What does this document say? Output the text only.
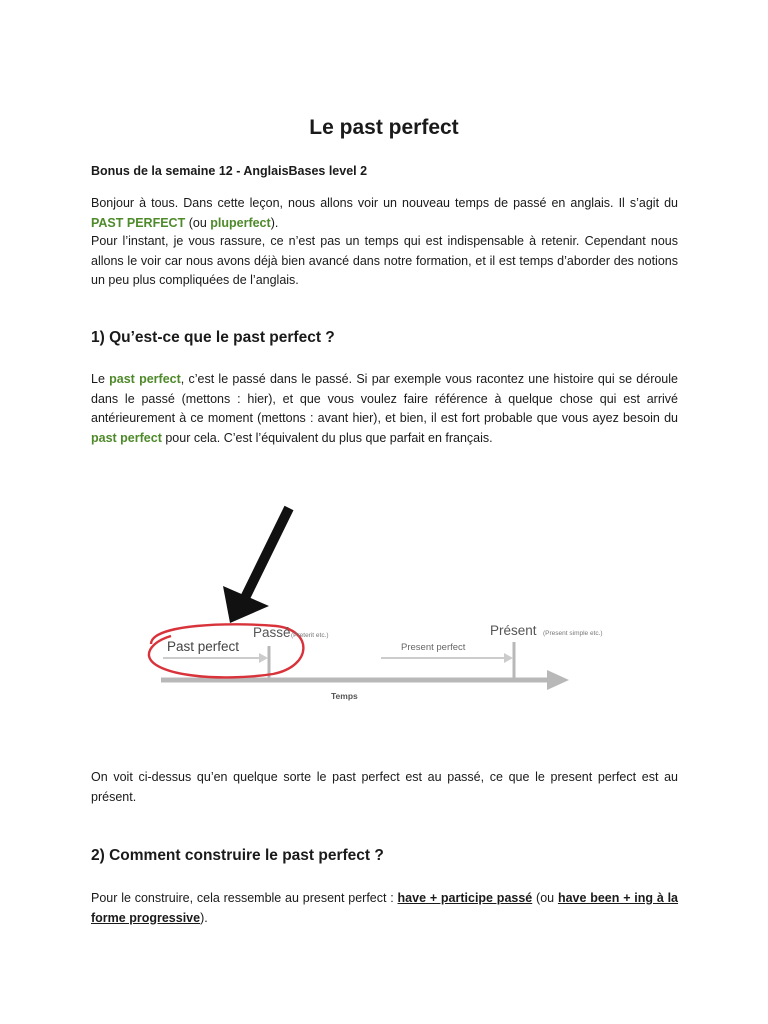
Le past perfect
Bonus de la semaine 12 - AnglaisBases level 2

Bonjour à tous. Dans cette leçon, nous allons voir un nouveau temps de passé en anglais. Il s’agit du PAST PERFECT (ou pluperfect).

Pour l’instant, je vous rassure, ce n’est pas un temps qui est indispensable à retenir. Cependant nous allons le voir car nous avons déjà bien avancé dans notre formation, et il est temps d’aborder des notions un peu plus compliquées de l’anglais.

1) Qu’est-ce que le past perfect ?

Le past perfect, c’est le passé dans le passé. Si par exemple vous racontez une histoire qui se déroule dans le passé (mettons : hier), et que vous voulez faire référence à quelque chose qui est arrivé antérieurement à ce moment (mettons : avant hier), et bien, il est fort probable que vous ayez besoin du past perfect pour cela. C’est l’équivalent du plus que parfait en français.

Past perfect
Passé (Preterit etc.)	Présent (Present simple etc.)
Present perfect
Temps

On voit ci-dessus qu’en quelque sorte le past perfect est au passé, ce que le present perfect est au présent.

2) Comment construire le past perfect ?

Pour le construire, cela ressemble au present perfect : have + participe passé (ou have been + ing à la forme progressive).
